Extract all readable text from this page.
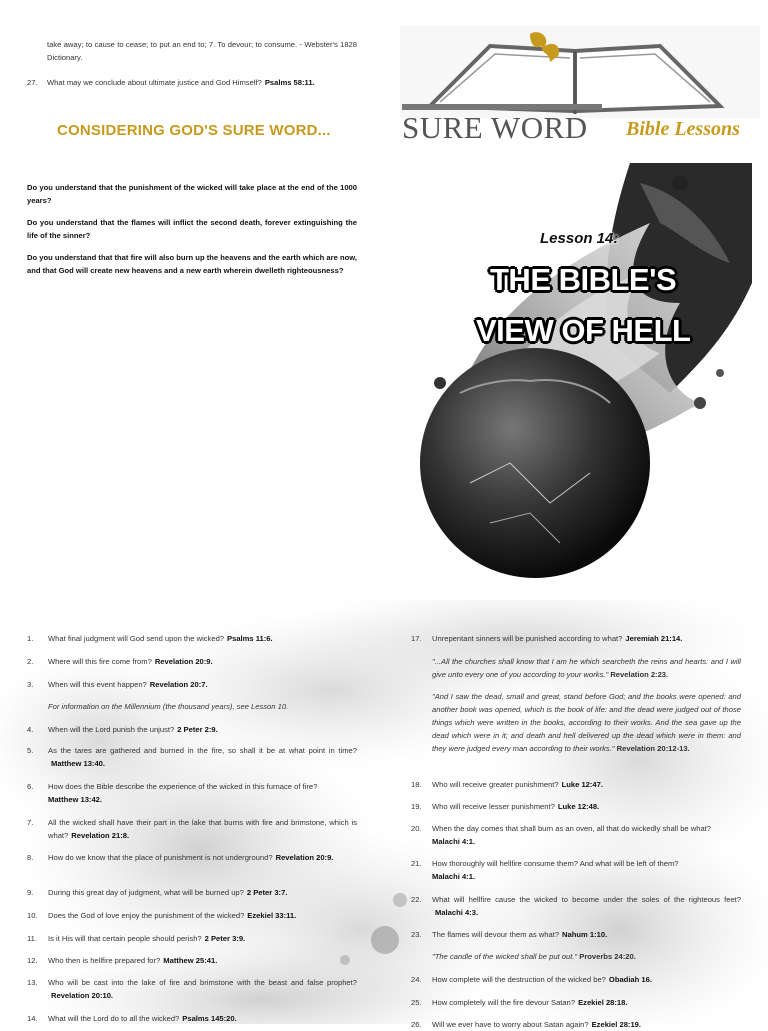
take away; to cause to cease; to put an end to; 7. To devour; to consume. - Webster's 1828 Dictionary.
27.	What may we conclude about ultimate justice and God Himself? Psalms 58:11.
CONSIDERING GOD'S SURE WORD...
Do you understand that the punishment of the wicked will take place at the end of the 1000 years?
Do you understand that the flames will inflict the second death, forever extinguishing the life of the sinner?
Do you understand that that fire will also burn up the heavens and the earth which are now, and that God will create new heavens and a new earth wherein dwelleth righteousness?
SURE WORD Bible Lessons
Lesson 14:
THE BIBLE'S
VIEW OF HELL
1. What final judgment will God send upon the wicked? Psalms 11:6.
2. Where will this fire come from? Revelation 20:9.
3. When will this event happen? Revelation 20:7.
For information on the Millennium (the thousand years), see Lesson 10.
4. When will the Lord punish the unjust? 2 Peter 2:9.
5. As the tares are gathered and burned in the fire, so shall it be at what point in time?Matthew 13:40.
6. How does the Bible describe the experience of the wicked in this furnace of fire?
Matthew 13:42.
7. All the wicked shall have their part in the lake that burns with fire and brimstone, which is what? Revelation 21:8.
8. How do we know that the place of punishment is not underground? Revelation 20:9.
9. During this great day of judgment, what will be burned up? 2 Peter 3:7.
10. Does the God of love enjoy the punishment of the wicked? Ezekiel 33:11.
11. Is it His will that certain people should perish? 2 Peter 3:9.
12. Who then is hellfire prepared for? Matthew 25:41.
13. Who will be cast into the lake of fire and brimstone with the beast and false prophet?Revelation 20:10.
14. What will the Lord do to all the wicked? Psalms 145:20.
17. Unrepentant sinners will be punished according to what? Jeremiah 21:14.
"...All the churches shall know that I am he which searcheth the reins and hearts: and I will give unto every one of you according to your works." Revelation 2:23.
"And I saw the dead, small and great, stand before God; and the books were opened: and another book was opened, which is the book of life: and the dead were judged out of those things which were written in the books, according to their works. And the sea gave up the dead which were in it; and death and hell delivered up the dead which were in them: and they were judged every man according to their works." Revelation 20:12-13.
18. Who will receive greater punishment? Luke 12:47.
19. Who will receive lesser punishment? Luke 12:48.
20. When the day comes that shall burn as an oven, all that do wickedly shall be what?
Malachi 4:1.
21. How thoroughly will hellfire consume them? And what will be left of them?
Malachi 4:1.
22. What will hellfire cause the wicked to become under the soles of the righteous feet?Malachi 4:3.
23. The flames will devour them as what? Nahum 1:10.
"The candle of the wicked shall be put out." Proverbs 24:20.
24. How complete will the destruction of the wicked be? Obadiah 16.
25. How completely will the fire devour Satan? Ezekiel 28:18.
26. Will we ever have to worry about Satan again? Ezekiel 28:19.
